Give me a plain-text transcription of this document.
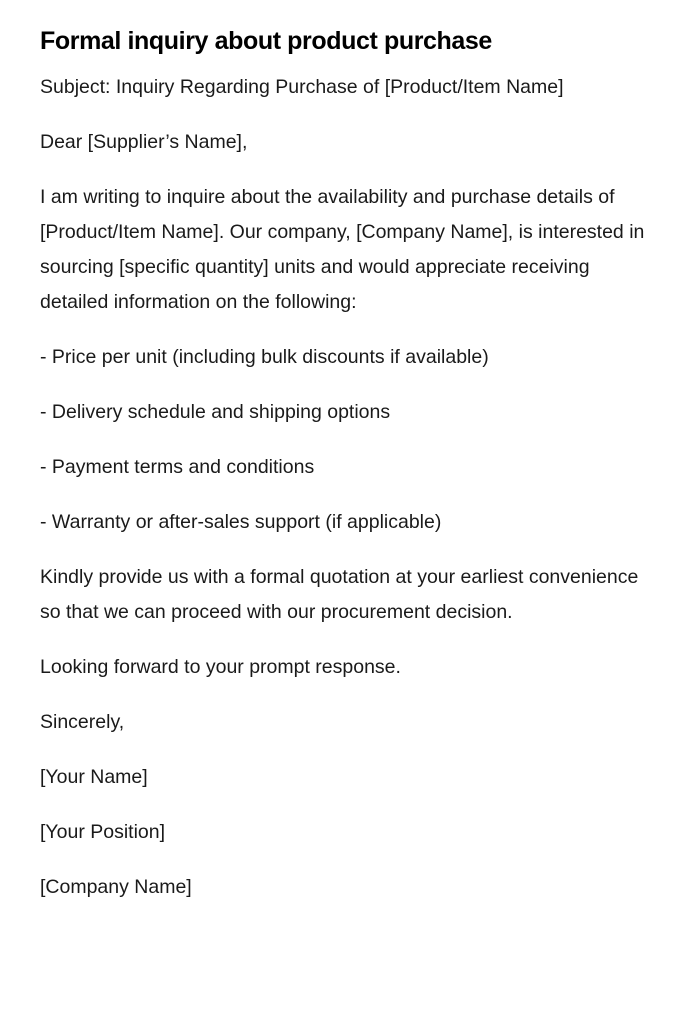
Formal inquiry about product purchase

Subject: Inquiry Regarding Purchase of [Product/Item Name]

Dear [Supplier’s Name],

I am writing to inquire about the availability and purchase details of [Product/Item Name]. Our company, [Company Name], is interested in sourcing [specific quantity] units and would appreciate receiving detailed information on the following:

- Price per unit (including bulk discounts if available)

- Delivery schedule and shipping options

- Payment terms and conditions

- Warranty or after-sales support (if applicable)

Kindly provide us with a formal quotation at your earliest convenience so that we can proceed with our procurement decision.

Looking forward to your prompt response.

Sincerely,

[Your Name]

[Your Position]

[Company Name]
